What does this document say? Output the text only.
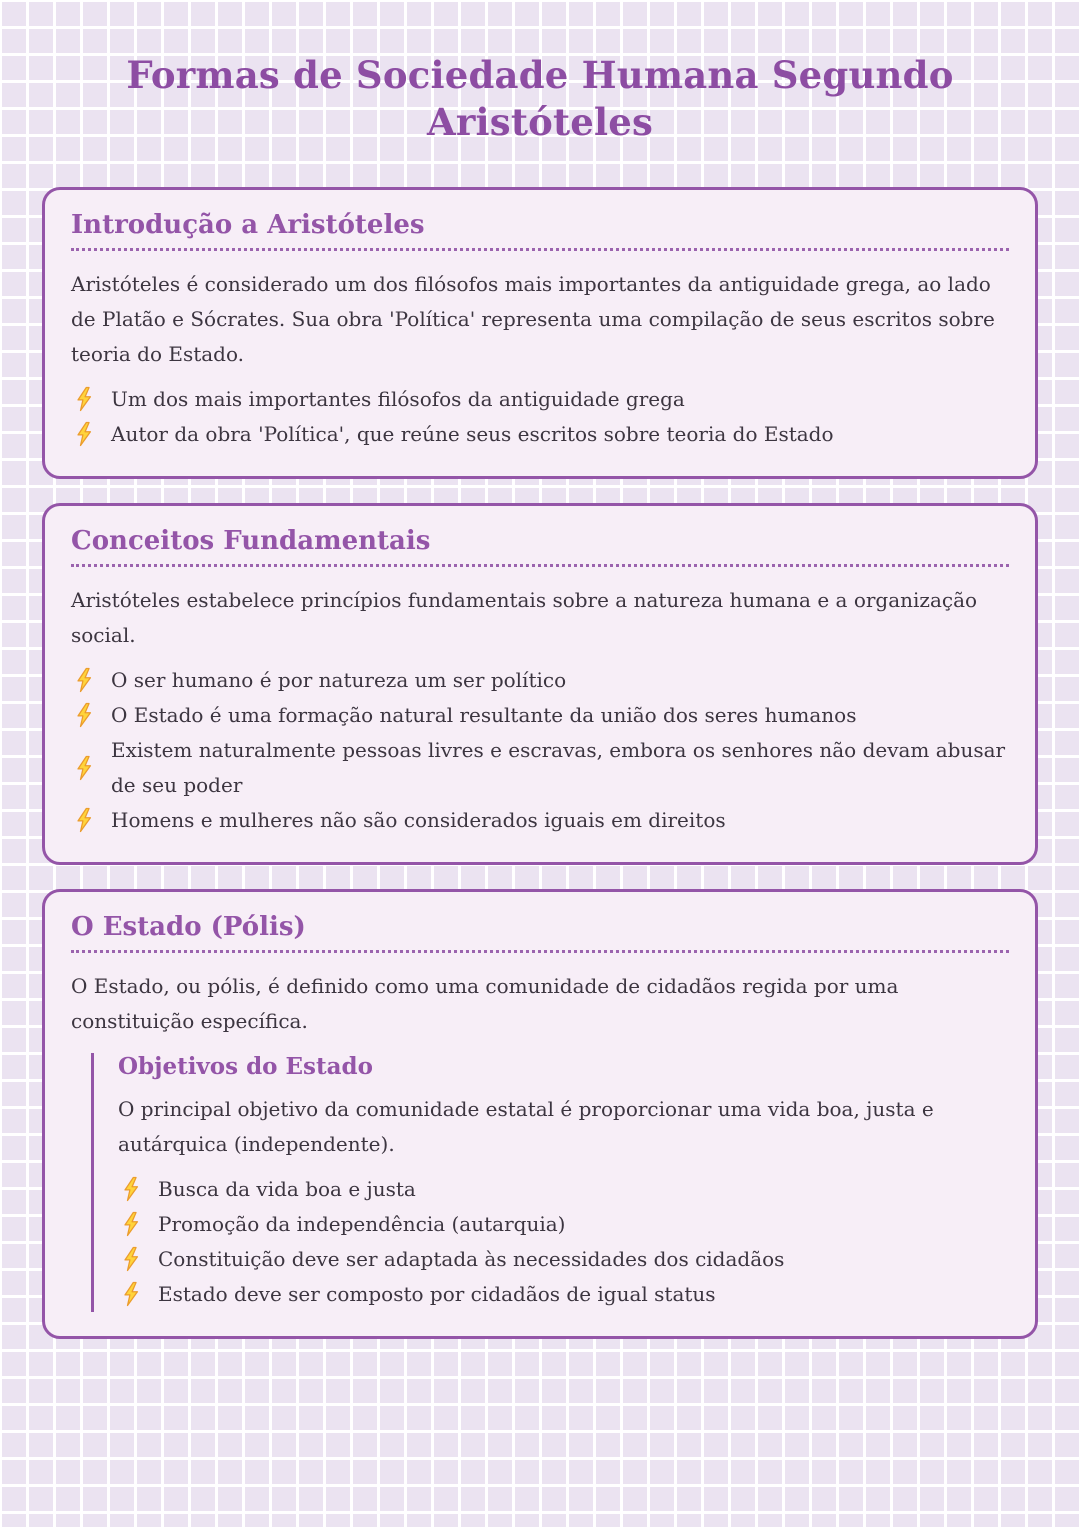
Formas de Sociedade Humana Segundo Aristóteles
Introdução a Aristóteles

Aristóteles é considerado um dos filósofos mais importantes da antiguidade grega, ao lado de Platão e Sócrates. Sua obra 'Política' representa uma compilação de seus escritos sobre teoria do Estado.

Um dos mais importantes filósofos da antiguidade grega
Autor da obra 'Política', que reúne seus escritos sobre teoria do Estado
Conceitos Fundamentais

Aristóteles estabelece princípios fundamentais sobre a natureza humana e a organização social.

O ser humano é por natureza um ser político
O Estado é uma formação natural resultante da união dos seres humanos
Existem naturalmente pessoas livres e escravas, embora os senhores não devam abusar de seu poder
Homens e mulheres não são considerados iguais em direitos
O Estado (Pólis)

O Estado, ou pólis, é definido como uma comunidade de cidadãos regida por uma constituição específica.

Objetivos do Estado

O principal objetivo da comunidade estatal é proporcionar uma vida boa, justa e autárquica (independente).

Busca da vida boa e justa
Promoção da independência (autarquia)
Constituição deve ser adaptada às necessidades dos cidadãos
Estado deve ser composto por cidadãos de igual status
